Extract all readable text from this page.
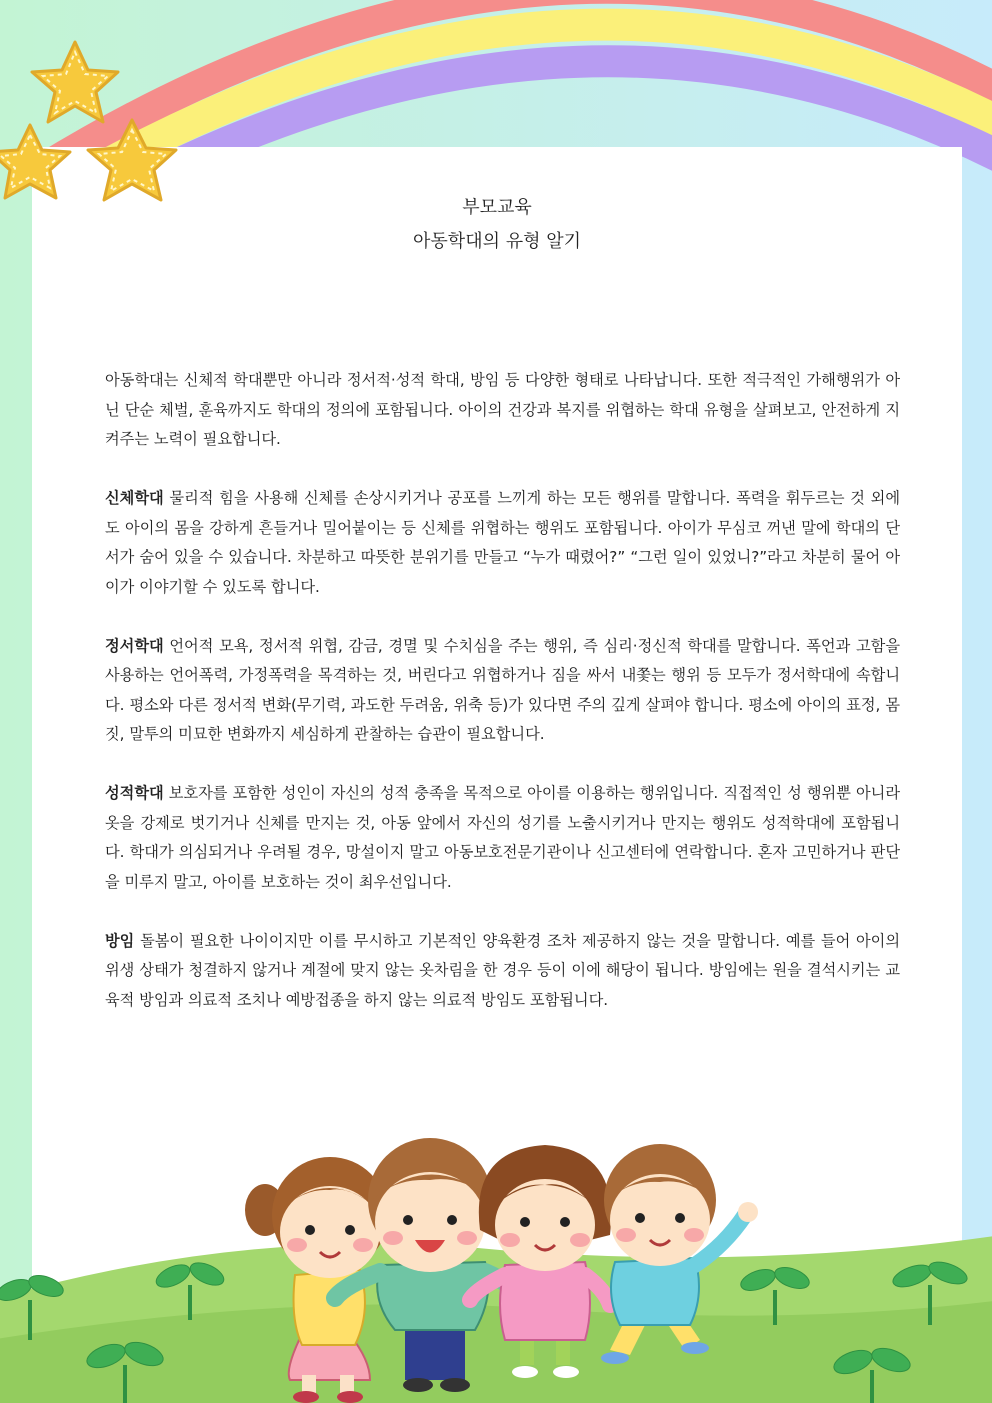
부모교육
아동학대의 유형 알기

아동학대는 신체적 학대뿐만 아니라 정서적·성적 학대, 방임 등 다양한 형태로 나타납니다. 또한 적극적인 가해행위가 아닌 단순 체벌, 훈육까지도 학대의 정의에 포함됩니다. 아이의 건강과 복지를 위협하는 학대 유형을 살펴보고, 안전하게 지켜주는 노력이 필요합니다.

신체학대 물리적 힘을 사용해 신체를 손상시키거나 공포를 느끼게 하는 모든 행위를 말합니다. 폭력을 휘두르는 것 외에도 아이의 몸을 강하게 흔들거나 밀어붙이는 등 신체를 위협하는 행위도 포함됩니다. 아이가 무심코 꺼낸 말에 학대의 단서가 숨어 있을 수 있습니다. 차분하고 따뜻한 분위기를 만들고 “누가 때렸어?” “그런 일이 있었니?”라고 차분히 물어 아이가 이야기할 수 있도록 합니다.

정서학대 언어적 모욕, 정서적 위협, 감금, 경멸 및 수치심을 주는 행위, 즉 심리·정신적 학대를 말합니다. 폭언과 고함을 사용하는 언어폭력, 가정폭력을 목격하는 것, 버린다고 위협하거나 짐을 싸서 내쫓는 행위 등 모두가 정서학대에 속합니다. 평소와 다른 정서적 변화(무기력, 과도한 두려움, 위축 등)가 있다면 주의 깊게 살펴야 합니다. 평소에 아이의 표정, 몸짓, 말투의 미묘한 변화까지 세심하게 관찰하는 습관이 필요합니다.

성적학대 보호자를 포함한 성인이 자신의 성적 충족을 목적으로 아이를 이용하는 행위입니다. 직접적인 성 행위뿐 아니라 옷을 강제로 벗기거나 신체를 만지는 것, 아동 앞에서 자신의 성기를 노출시키거나 만지는 행위도 성적학대에 포함됩니다. 학대가 의심되거나 우려될 경우, 망설이지 말고 아동보호전문기관이나 신고센터에 연락합니다. 혼자 고민하거나 판단을 미루지 말고, 아이를 보호하는 것이 최우선입니다.

방임 돌봄이 필요한 나이이지만 이를 무시하고 기본적인 양육환경 조차 제공하지 않는 것을 말합니다. 예를 들어 아이의 위생 상태가 청결하지 않거나 계절에 맞지 않는 옷차림을 한 경우 등이 이에 해당이 됩니다. 방임에는 원을 결석시키는 교육적 방임과 의료적 조치나 예방접종을 하지 않는 의료적 방임도 포함됩니다.
